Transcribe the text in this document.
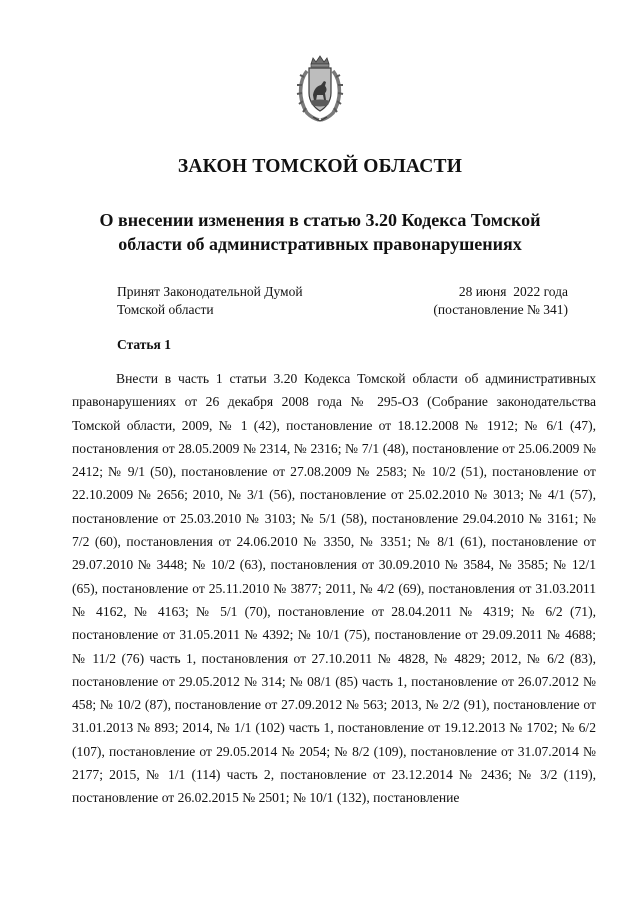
ЗАКОН ТОМСКОЙ ОБЛАСТИ
О внесении изменения в статью 3.20 Кодекса Томской области об административных правонарушениях
Принят Законодательной Думой
Томской области
28 июня  2022 года
(постановление № 341)
Статья 1

Внести в часть 1 статьи 3.20 Кодекса Томской области об административных правонарушениях от 26 декабря 2008 года № 295-ОЗ (Собрание законодательства Томской области, 2009, № 1 (42), постановление от 18.12.2008 № 1912; № 6/1 (47), постановления от 28.05.2009 № 2314, № 2316; № 7/1 (48), постановление от 25.06.2009 № 2412; № 9/1 (50), постановление от 27.08.2009 № 2583; № 10/2 (51), постановление от 22.10.2009 № 2656; 2010, № 3/1 (56), постановление от 25.02.2010 № 3013; № 4/1 (57), постановление от 25.03.2010 № 3103; № 5/1 (58), постановление 29.04.2010 № 3161; № 7/2 (60), постановления от 24.06.2010 № 3350, № 3351; № 8/1 (61), постановление от 29.07.2010 № 3448; № 10/2 (63), постановления от 30.09.2010 № 3584, № 3585; № 12/1 (65), постановление от 25.11.2010 № 3877; 2011, № 4/2 (69), постановления от 31.03.2011 № 4162, № 4163; № 5/1 (70), постановление от 28.04.2011 № 4319; № 6/2 (71), постановление от 31.05.2011 № 4392; № 10/1 (75), постановление от 29.09.2011 № 4688; № 11/2 (76) часть 1, постановления от 27.10.2011 № 4828, № 4829; 2012, № 6/2 (83), постановление от 29.05.2012 № 314; № 08/1 (85) часть 1, постановление от 26.07.2012 № 458; № 10/2 (87), постановление от 27.09.2012 № 563; 2013, № 2/2 (91), постановление от 31.01.2013 № 893; 2014, № 1/1 (102) часть 1, постановление от 19.12.2013 № 1702; № 6/2 (107), постановление от 29.05.2014 № 2054; № 8/2 (109), постановление от 31.07.2014 № 2177; 2015, № 1/1 (114) часть 2, постановление от 23.12.2014 № 2436; № 3/2 (119), постановление от 26.02.2015 № 2501; № 10/1 (132), постановление
